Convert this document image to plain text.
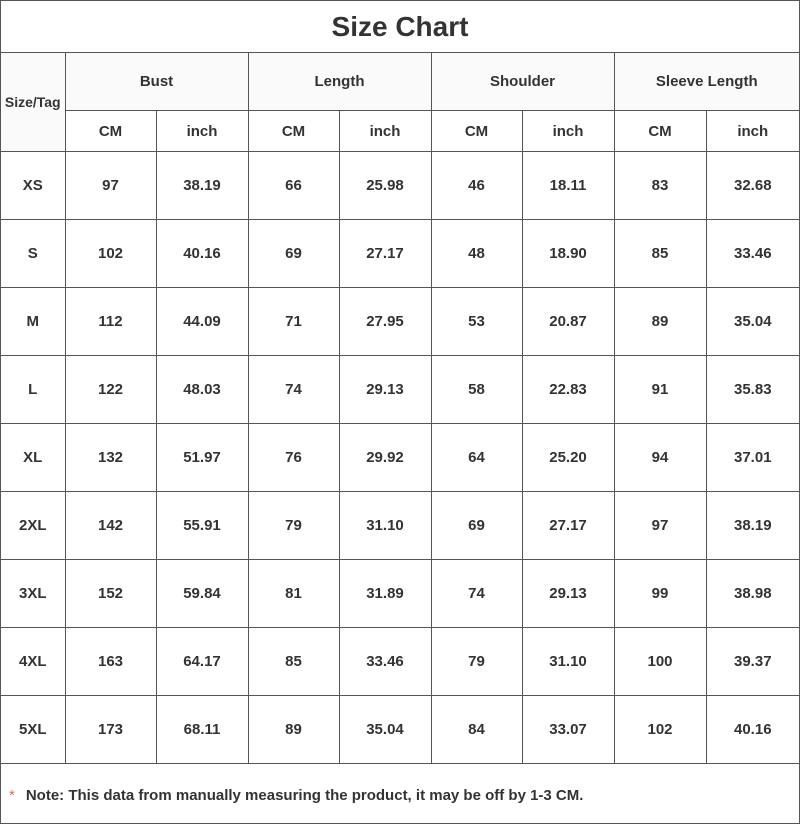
Size Chart
Size/Tag	Bust		Length		Shoulder		Sleeve Length	
	CM	inch	CM	inch	CM	inch	CM	inch
XS	97	38.19	66	25.98	46	18.11	83	32.68
S	102	40.16	69	27.17	48	18.90	85	33.46
M	112	44.09	71	27.95	53	20.87	89	35.04
L	122	48.03	74	29.13	58	22.83	91	35.83
XL	132	51.97	76	29.92	64	25.20	94	37.01
2XL	142	55.91	79	31.10	69	27.17	97	38.19
3XL	152	59.84	81	31.89	74	29.13	99	38.98
4XL	163	64.17	85	33.46	79	31.10	100	39.37
5XL	173	68.11	89	35.04	84	33.07	102	40.16
* Note: This data from manually measuring the product, it may be off by 1-3 CM.
